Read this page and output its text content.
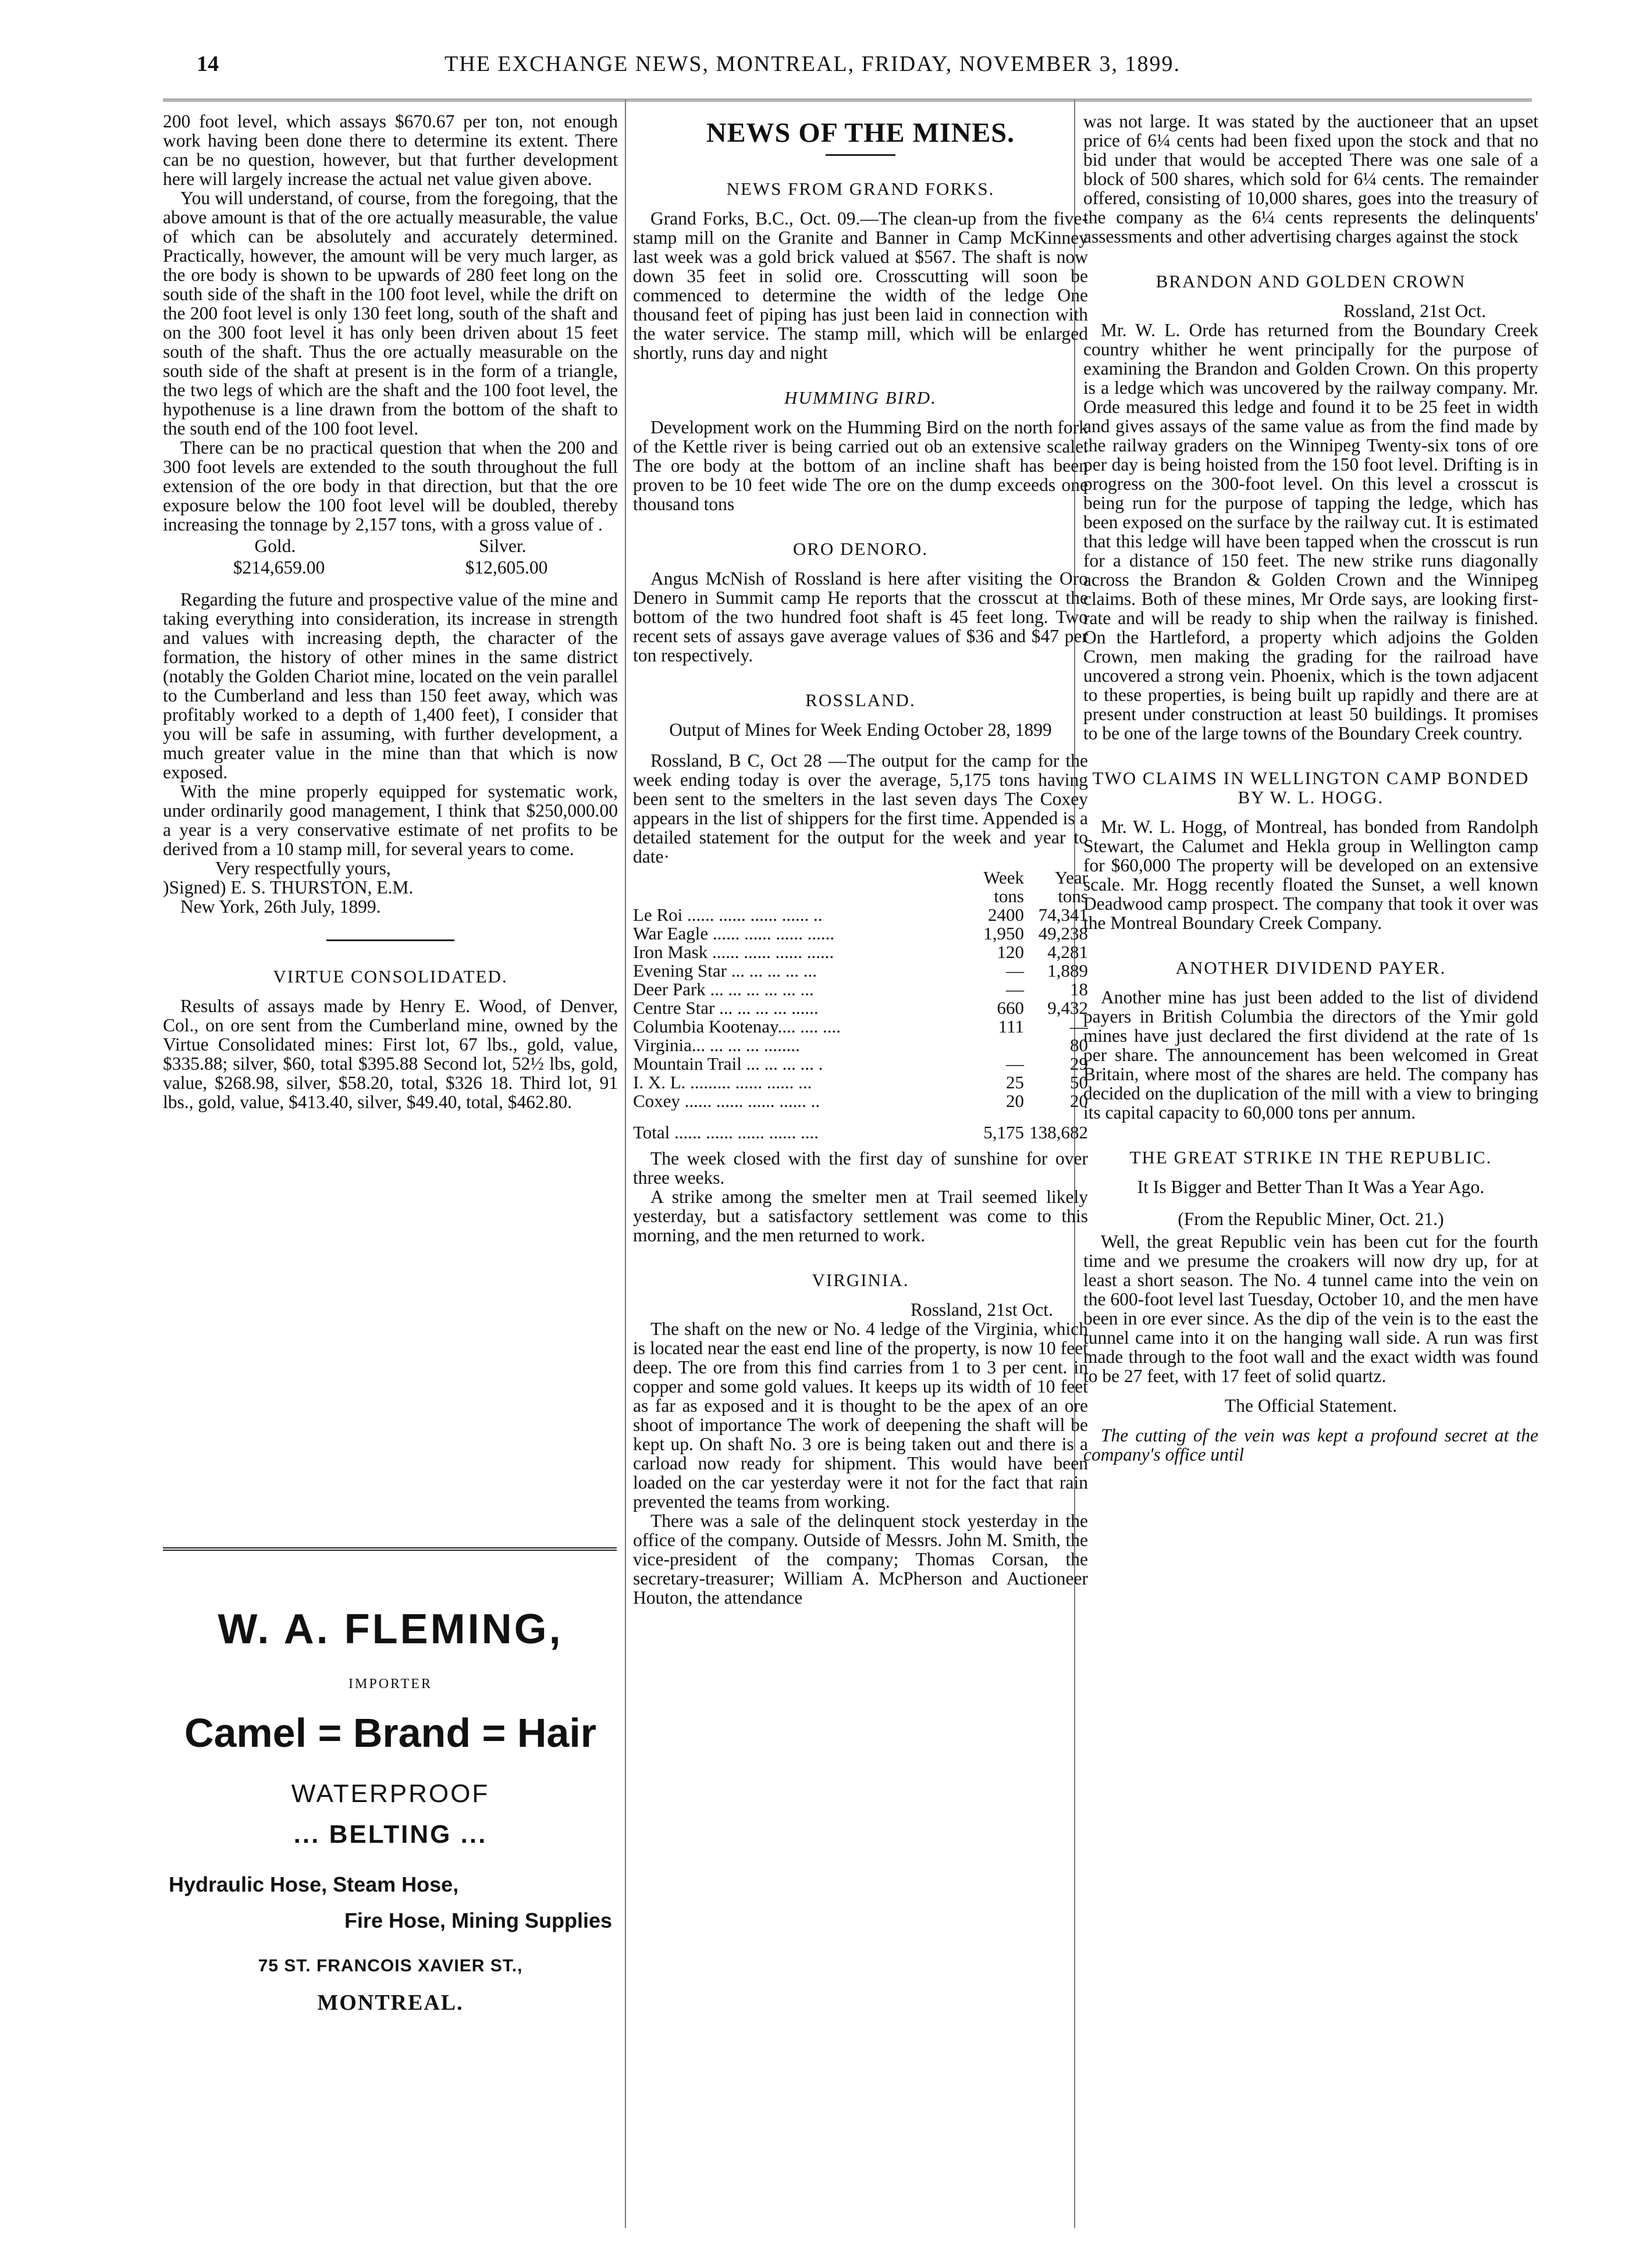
14	THE EXCHANGE NEWS, MONTREAL, FRIDAY, NOVEMBER 3, 1899.

200 foot level, which assays $670.67 per ton, not enough work having been done there to determine its extent. There can be no question, however, but that further development here will largely increase the actual net value given above.

You will understand, of course, from the foregoing, that the above amount is that of the ore actually measurable, the value of which can be absolutely and accurately determined. Practically, however, the amount will be very much larger, as the ore body is shown to be upwards of 280 feet long on the south side of the shaft in the 100 foot level, while the drift on the 200 foot level is only 130 feet long, south of the shaft and on the 300 foot level it has only been driven about 15 feet south of the shaft. Thus the ore actually measurable on the south side of the shaft at present is in the form of a triangle, the two legs of which are the shaft and the 100 foot level, the hypothenuse is a line drawn from the bottom of the shaft to the south end of the 100 foot level.

There can be no practical question that when the 200 and 300 foot levels are extended to the south throughout the full extension of the ore body in that direction, but that the ore exposure below the 100 foot level will be doubled, thereby increasing the tonnage by 2,157 tons, with a gross value of .

Gold.	Silver.
$214,659.00	$12,605.00

Regarding the future and prospective value of the mine and taking everything into consideration, its increase in strength and values with increasing depth, the character of the formation, the history of other mines in the same district (notably the Golden Chariot mine, located on the vein parallel to the Cumberland and less than 150 feet away, which was profitably worked to a depth of 1,400 feet), I consider that you will be safe in assuming, with further development, a much greater value in the mine than that which is now exposed.

With the mine properly equipped for systematic work, under ordinarily good management, I think that $250,000.00 a year is a very conservative estimate of net profits to be derived from a 10 stamp mill, for several years to come.

Very respectfully yours,

)Signed) E. S. THURSTON, E.M.

New York, 26th July, 1899.

VIRTUE CONSOLIDATED.

Results of assays made by Henry E. Wood, of Denver, Col., on ore sent from the Cumberland mine, owned by the Virtue Consolidated mines: First lot, 67 lbs., gold, value, $335.88; silver, $60, total $395.88 Second lot, 52½ lbs, gold, value, $268.98, silver, $58.20, total, $326 18. Third lot, 91 lbs., gold, value, $413.40, silver, $49.40, total, $462.80.

W. A. FLEMING,
IMPORTER
Camel = Brand = Hair
WATERPROOF
... BELTING ...
Hydraulic Hose, Steam Hose,
Fire Hose, Mining Supplies
75 ST. FRANCOIS XAVIER ST.,
MONTREAL.
NEWS OF THE MINES.
NEWS FROM GRAND FORKS.

Grand Forks, B.C., Oct. 09.—The clean-up from the five-stamp mill on the Granite and Banner in Camp McKinney last week was a gold brick valued at $567. The shaft is now down 35 feet in solid ore. Crosscutting will soon be commenced to determine the width of the ledge One thousand feet of piping has just been laid in connection with the water service. The stamp mill, which will be enlarged shortly, runs day and night

HUMMING BIRD.

Development work on the Humming Bird on the north fork of the Kettle river is being carried out ob an extensive scale. The ore body at the bottom of an incline shaft has been proven to be 10 feet wide The ore on the dump exceeds one thousand tons

ORO DENORO.

Angus McNish of Rossland is here after visiting the Oro Denero in Summit camp He reports that the crosscut at the bottom of the two hundred foot shaft is 45 feet long. Two recent sets of assays gave average values of $36 and $47 per ton respectively.

ROSSLAND.
Output of Mines for Week Ending October 28, 1899

Rossland, B C, Oct 28 —The output for the camp for the week ending today is over the average, 5,175 tons having been sent to the smelters in the last seven days The Coxey appears in the list of shippers for the first time. Appended is a detailed statement for the output for the week and year to date·

	Week tons	Year tons
Le Roi ...... ...... ...... ...... ..	2400	74,341
War Eagle ...... ...... ...... ......	1,950	49,238
Iron Mask ...... ...... ...... ......	120	4,281
Evening Star ... ... ... ... ...	—	1,889
Deer Park ... ... ... ... ... ...	—	18
Centre Star ... ... ... ... ......	660	9,432
Columbia Kootenay.... .... ....	111	—
Virginia... ... ... ... ........		80
Mountain Trail ... ... ... ... .	—	29
I. X. L. ......... ...... ...... ...	25	50
Coxey ...... ...... ...... ...... ..	20	20
Total ...... ...... ...... ...... ....	5,175	138,682

The week closed with the first day of sunshine for over three weeks.

A strike among the smelter men at Trail seemed likely yesterday, but a satisfactory settlement was come to this morning, and the men returned to work.

VIRGINIA.
Rossland, 21st Oct.

The shaft on the new or No. 4 ledge of the Virginia, which is located near the east end line of the property, is now 10 feet deep. The ore from this find carries from 1 to 3 per cent. in copper and some gold values. It keeps up its width of 10 feet as far as exposed and it is thought to be the apex of an ore shoot of importance The work of deepening the shaft will be kept up. On shaft No. 3 ore is being taken out and there is a carload now ready for shipment. This would have been loaded on the car yesterday were it not for the fact that rain prevented the teams from working.

There was a sale of the delinquent stock yesterday in the office of the company. Outside of Messrs. John M. Smith, the vice-president of the company; Thomas Corsan, the secretary-treasurer; William A. McPherson and Auctioneer Houton, the attendance

was not large. It was stated by the auctioneer that an upset price of 6¼ cents had been fixed upon the stock and that no bid under that would be accepted There was one sale of a block of 500 shares, which sold for 6¼ cents. The remainder offered, consisting of 10,000 shares, goes into the treasury of the company as the 6¼ cents represents the delinquents' assessments and other advertising charges against the stock

BRANDON AND GOLDEN CROWN
Rossland, 21st Oct.

Mr. W. L. Orde has returned from the Boundary Creek country whither he went principally for the purpose of examining the Brandon and Golden Crown. On this property is a ledge which was uncovered by the railway company. Mr. Orde measured this ledge and found it to be 25 feet in width and gives assays of the same value as from the find made by the railway graders on the Winnipeg Twenty-six tons of ore per day is being hoisted from the 150 foot level. Drifting is in progress on the 300-foot level. On this level a crosscut is being run for the purpose of tapping the ledge, which has been exposed on the surface by the railway cut. It is estimated that this ledge will have been tapped when the crosscut is run for a distance of 150 feet. The new strike runs diagonally across the Brandon & Golden Crown and the Winnipeg claims. Both of these mines, Mr Orde says, are looking first-rate and will be ready to ship when the railway is finished. On the Hartleford, a property which adjoins the Golden Crown, men making the grading for the railroad have uncovered a strong vein. Phoenix, which is the town adjacent to these properties, is being built up rapidly and there are at present under construction at least 50 buildings. It promises to be one of the large towns of the Boundary Creek country.

TWO CLAIMS IN WELLINGTON CAMP BONDED BY W. L. HOGG.

Mr. W. L. Hogg, of Montreal, has bonded from Randolph Stewart, the Calumet and Hekla group in Wellington camp for $60,000 The property will be developed on an extensive scale. Mr. Hogg recently floated the Sunset, a well known Deadwood camp prospect. The company that took it over was the Montreal Boundary Creek Company.

ANOTHER DIVIDEND PAYER.

Another mine has just been added to the list of dividend payers in British Columbia the directors of the Ymir gold mines have just declared the first dividend at the rate of 1s per share. The announcement has been welcomed in Great Britain, where most of the shares are held. The company has decided on the duplication of the mill with a view to bringing its capital capacity to 60,000 tons per annum.

THE GREAT STRIKE IN THE REPUBLIC.
It Is Bigger and Better Than It Was a Year Ago.
(From the Republic Miner, Oct. 21.)

Well, the great Republic vein has been cut for the fourth time and we presume the croakers will now dry up, for at least a short season. The No. 4 tunnel came into the vein on the 600-foot level last Tuesday, October 10, and the men have been in ore ever since. As the dip of the vein is to the east the tunnel came into it on the hanging wall side. A run was first made through to the foot wall and the exact width was found to be 27 feet, with 17 feet of solid quartz.

The Official Statement.

The cutting of the vein was kept a profound secret at the company's office until
